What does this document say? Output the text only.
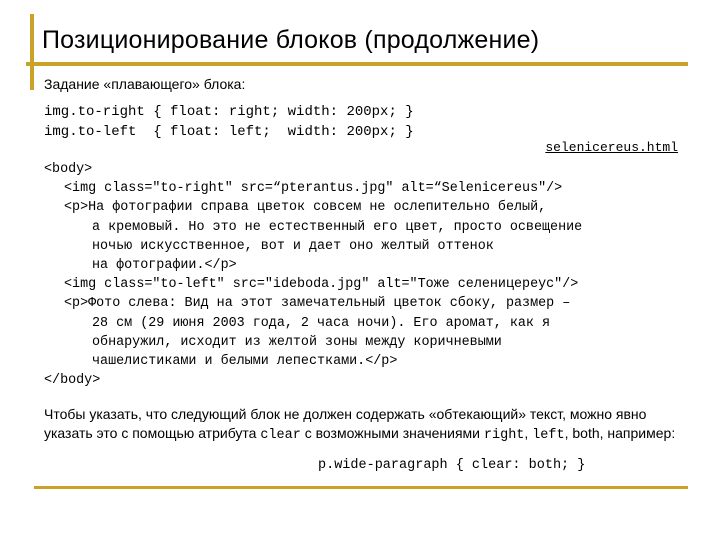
Позиционирование блоков (продолжение)
Задание «плавающего» блока:
img.to-right { float: right; width: 200px; }
img.to-left  { float: left;  width: 200px; }
selenicereus.html
<body>
<img class="to-right" src=“pterantus.jpg" alt=“Selenicereus"/>
<p>На фотографии справа цветок совсем не ослепительно белый,
а кремовый. Но это не естественный его цвет, просто освещение
ночью искусственное, вот и дает оно желтый оттенок
на фотографии.</p>
<img class="to-left" src="ideboda.jpg" alt="Тоже селеницереус"/>
<p>Фото слева: Вид на этот замечательный цветок сбоку, размер –
28 см (29 июня 2003 года, 2 часа ночи). Его аромат, как я
обнаружил, исходит из желтой зоны между коричневыми
чашелистиками и белыми лепестками.</p>
</body>
Чтобы указать, что следующий блок не должен содержать «обтекающий» текст, можно явно указать это с помощью атрибута clear с возможными значениями right, left, both, например:
p.wide-paragraph { clear: both; }
